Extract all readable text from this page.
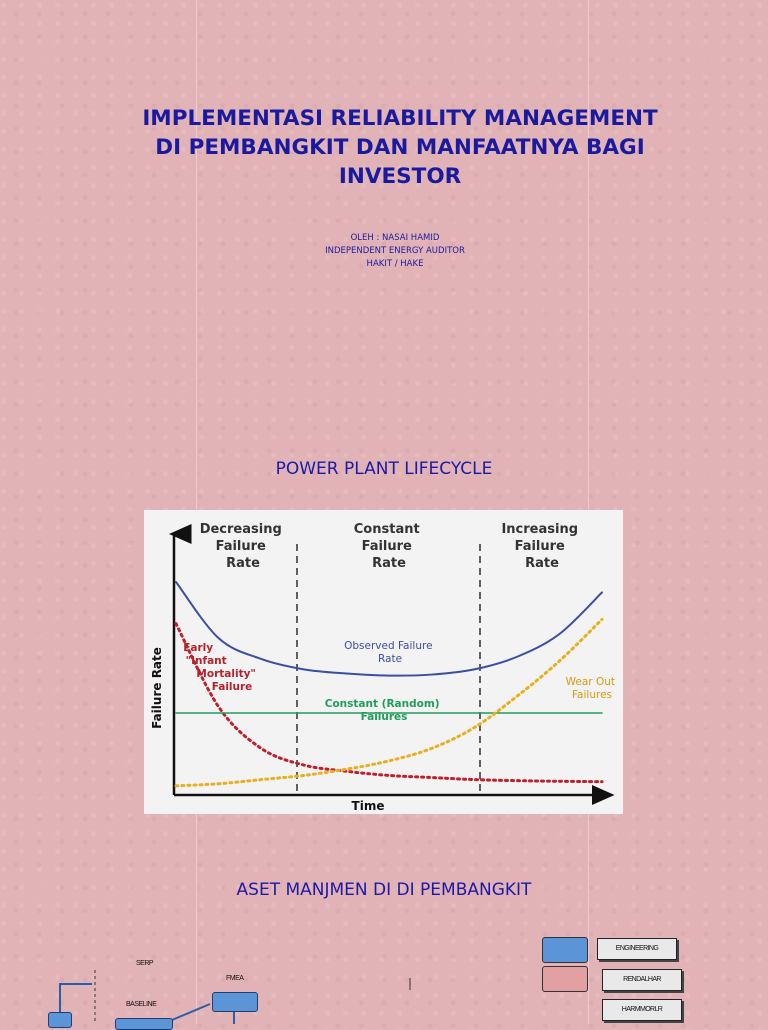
IMPLEMENTASI RELIABILITY MANAGEMENT
DI PEMBANGKIT DAN MANFAATNYA BAGI
INVESTOR
OLEH : NASAI HAMID
INDEPENDENT ENERGY AUDITOR
HAKIT / HAKE
POWER PLANT LIFECYCLE
Decreasing Failure Rate
Constant Failure Rate
Increasing Failure Rate
Failure Rate
Time
Observed Failure Rate
Early "Infant Mortality" Failure
Constant (Random) Failures
Wear Out Failures
ASET MANJMEN DI DI PEMBANGKIT
SERP
FMEA
BASELINE
ENGINEERING
RENDALHAR
HARMMORLR
